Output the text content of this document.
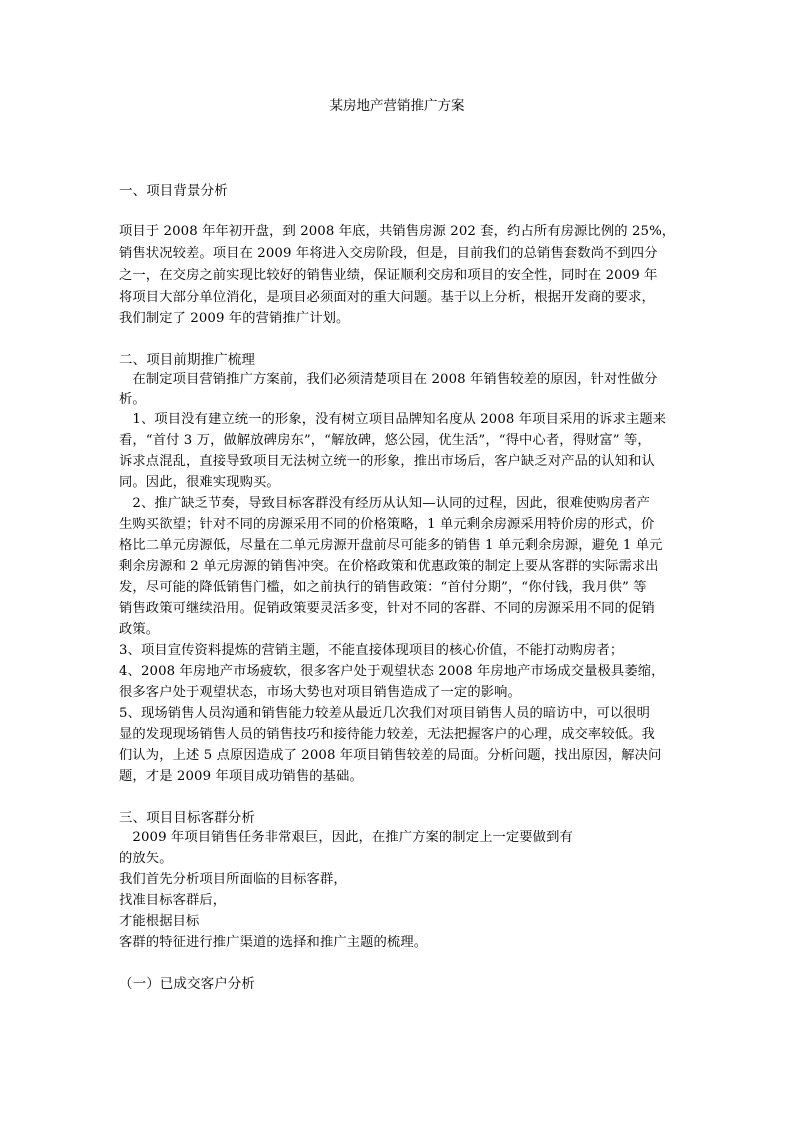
某房地产营销推广方案
一、项目背景分析
项目于 2008 年年初开盘，到 2008 年底，共销售房源 202 套，约占所有房源比例的 25%，
销售状况较差。项目在 2009 年将进入交房阶段，但是，目前我们的总销售套数尚不到四分
之一，在交房之前实现比较好的销售业绩，保证顺利交房和项目的安全性，同时在 2009 年
将项目大部分单位消化，是项目必须面对的重大问题。基于以上分析，根据开发商的要求，
我们制定了 2009 年的营销推广计划。
二、项目前期推广梳理
　在制定项目营销推广方案前，我们必须清楚项目在 2008 年销售较差的原因，针对性做分
析。
　1、项目没有建立统一的形象，没有树立项目品牌知名度从 2008 年项目采用的诉求主题来
看，“首付 3 万，做解放碑房东”，“解放碑，悠公园，优生活”，“得中心者，得财富” 等，
诉求点混乱，直接导致项目无法树立统一的形象，推出市场后，客户缺乏对产品的认知和认
同。因此，很难实现购买。
　2、推广缺乏节奏，导致目标客群没有经历从认知—认同的过程，因此，很难使购房者产
生购买欲望；针对不同的房源采用不同的价格策略，1 单元剩余房源采用特价房的形式，价
格比二单元房源低，尽量在二单元房源开盘前尽可能多的销售 1 单元剩余房源，避免 1 单元
剩余房源和 2 单元房源的销售冲突。在价格政策和优惠政策的制定上要从客群的实际需求出
发，尽可能的降低销售门槛，如之前执行的销售政策：“首付分期”，“你付钱，我月供” 等
销售政策可继续沿用。促销政策要灵活多变，针对不同的客群、不同的房源采用不同的促销
政策。
3、项目宣传资料提炼的营销主题，不能直接体现项目的核心价值，不能打动购房者；
4、2008 年房地产市场疲软，很多客户处于观望状态 2008 年房地产市场成交量极具萎缩，
很多客户处于观望状态，市场大势也对项目销售造成了一定的影响。
5、现场销售人员沟通和销售能力较差从最近几次我们对项目销售人员的暗访中，可以很明
显的发现现场销售人员的销售技巧和接待能力较差，无法把握客户的心理，成交率较低。我
们认为，上述 5 点原因造成了 2008 年项目销售较差的局面。分析问题，找出原因，解决问
题，才是 2009 年项目成功销售的基础。
三、项目目标客群分析
　2009 年项目销售任务非常艰巨，因此，在推广方案的制定上一定要做到有
的放矢。
我们首先分析项目所面临的目标客群，
找准目标客群后，
才能根据目标
客群的特征进行推广渠道的选择和推广主题的梳理。
（一）已成交客户分析
